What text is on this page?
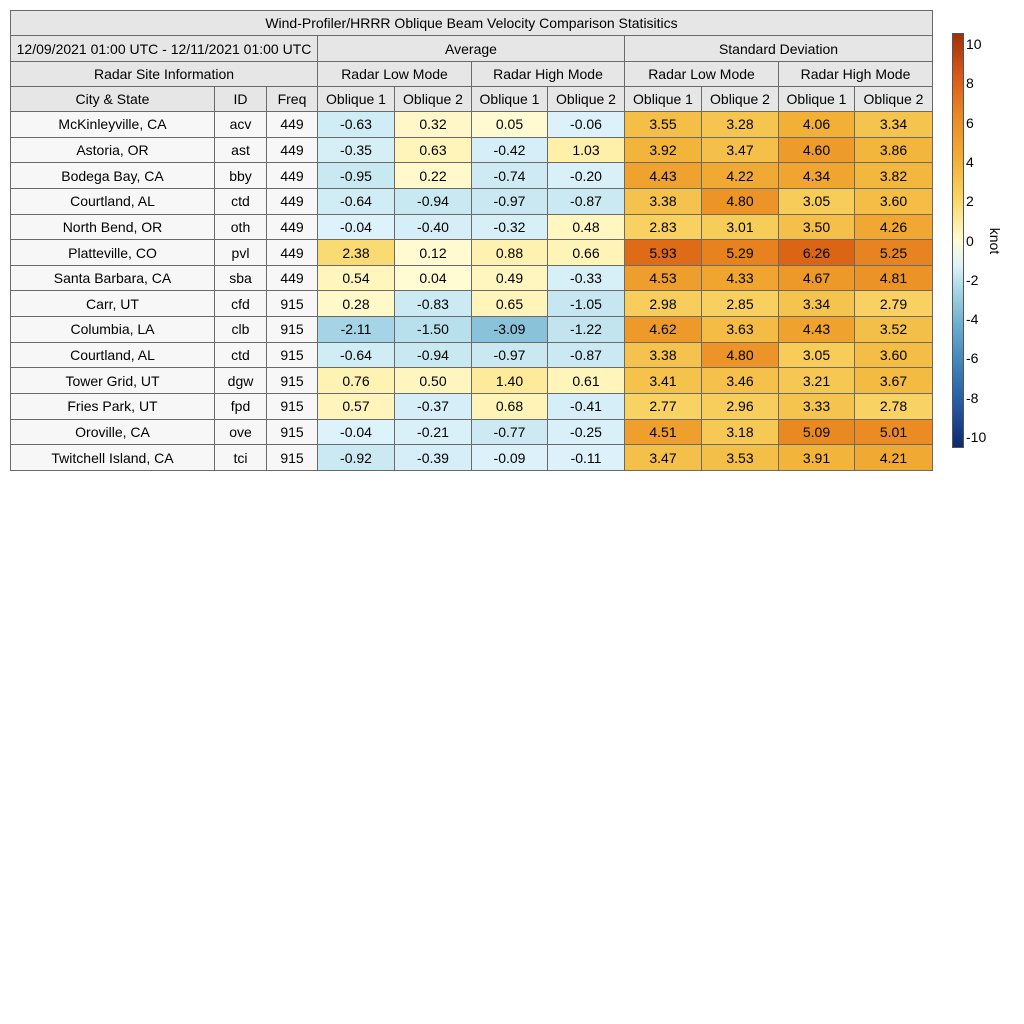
Wind-Profiler/HRRR Oblique Beam Velocity Comparison Statisitics										
12/09/2021 01:00 UTC - 12/11/2021 01:00 UTC			Average				Standard Deviation			
Radar Site Information			Radar Low Mode		Radar High Mode		Radar Low Mode		Radar High Mode	
City & State	ID	Freq	Oblique 1	Oblique 2	Oblique 1	Oblique 2	Oblique 1	Oblique 2	Oblique 1	Oblique 2
McKinleyville, CA	acv	449	-0.63	0.32	0.05	-0.06	3.55	3.28	4.06	3.34
Astoria, OR	ast	449	-0.35	0.63	-0.42	1.03	3.92	3.47	4.60	3.86
Bodega Bay, CA	bby	449	-0.95	0.22	-0.74	-0.20	4.43	4.22	4.34	3.82
Courtland, AL	ctd	449	-0.64	-0.94	-0.97	-0.87	3.38	4.80	3.05	3.60
North Bend, OR	oth	449	-0.04	-0.40	-0.32	0.48	2.83	3.01	3.50	4.26
Platteville, CO	pvl	449	2.38	0.12	0.88	0.66	5.93	5.29	6.26	5.25
Santa Barbara, CA	sba	449	0.54	0.04	0.49	-0.33	4.53	4.33	4.67	4.81
Carr, UT	cfd	915	0.28	-0.83	0.65	-1.05	2.98	2.85	3.34	2.79
Columbia, LA	clb	915	-2.11	-1.50	-3.09	-1.22	4.62	3.63	4.43	3.52
Courtland, AL	ctd	915	-0.64	-0.94	-0.97	-0.87	3.38	4.80	3.05	3.60
Tower Grid, UT	dgw	915	0.76	0.50	1.40	0.61	3.41	3.46	3.21	3.67
Fries Park, UT	fpd	915	0.57	-0.37	0.68	-0.41	2.77	2.96	3.33	2.78
Oroville, CA	ove	915	-0.04	-0.21	-0.77	-0.25	4.51	3.18	5.09	5.01
Twitchell Island, CA	tci	915	-0.92	-0.39	-0.09	-0.11	3.47	3.53	3.91	4.21
10
8
6
4
2
0
-2
-4
-6
-8
-10
knot
